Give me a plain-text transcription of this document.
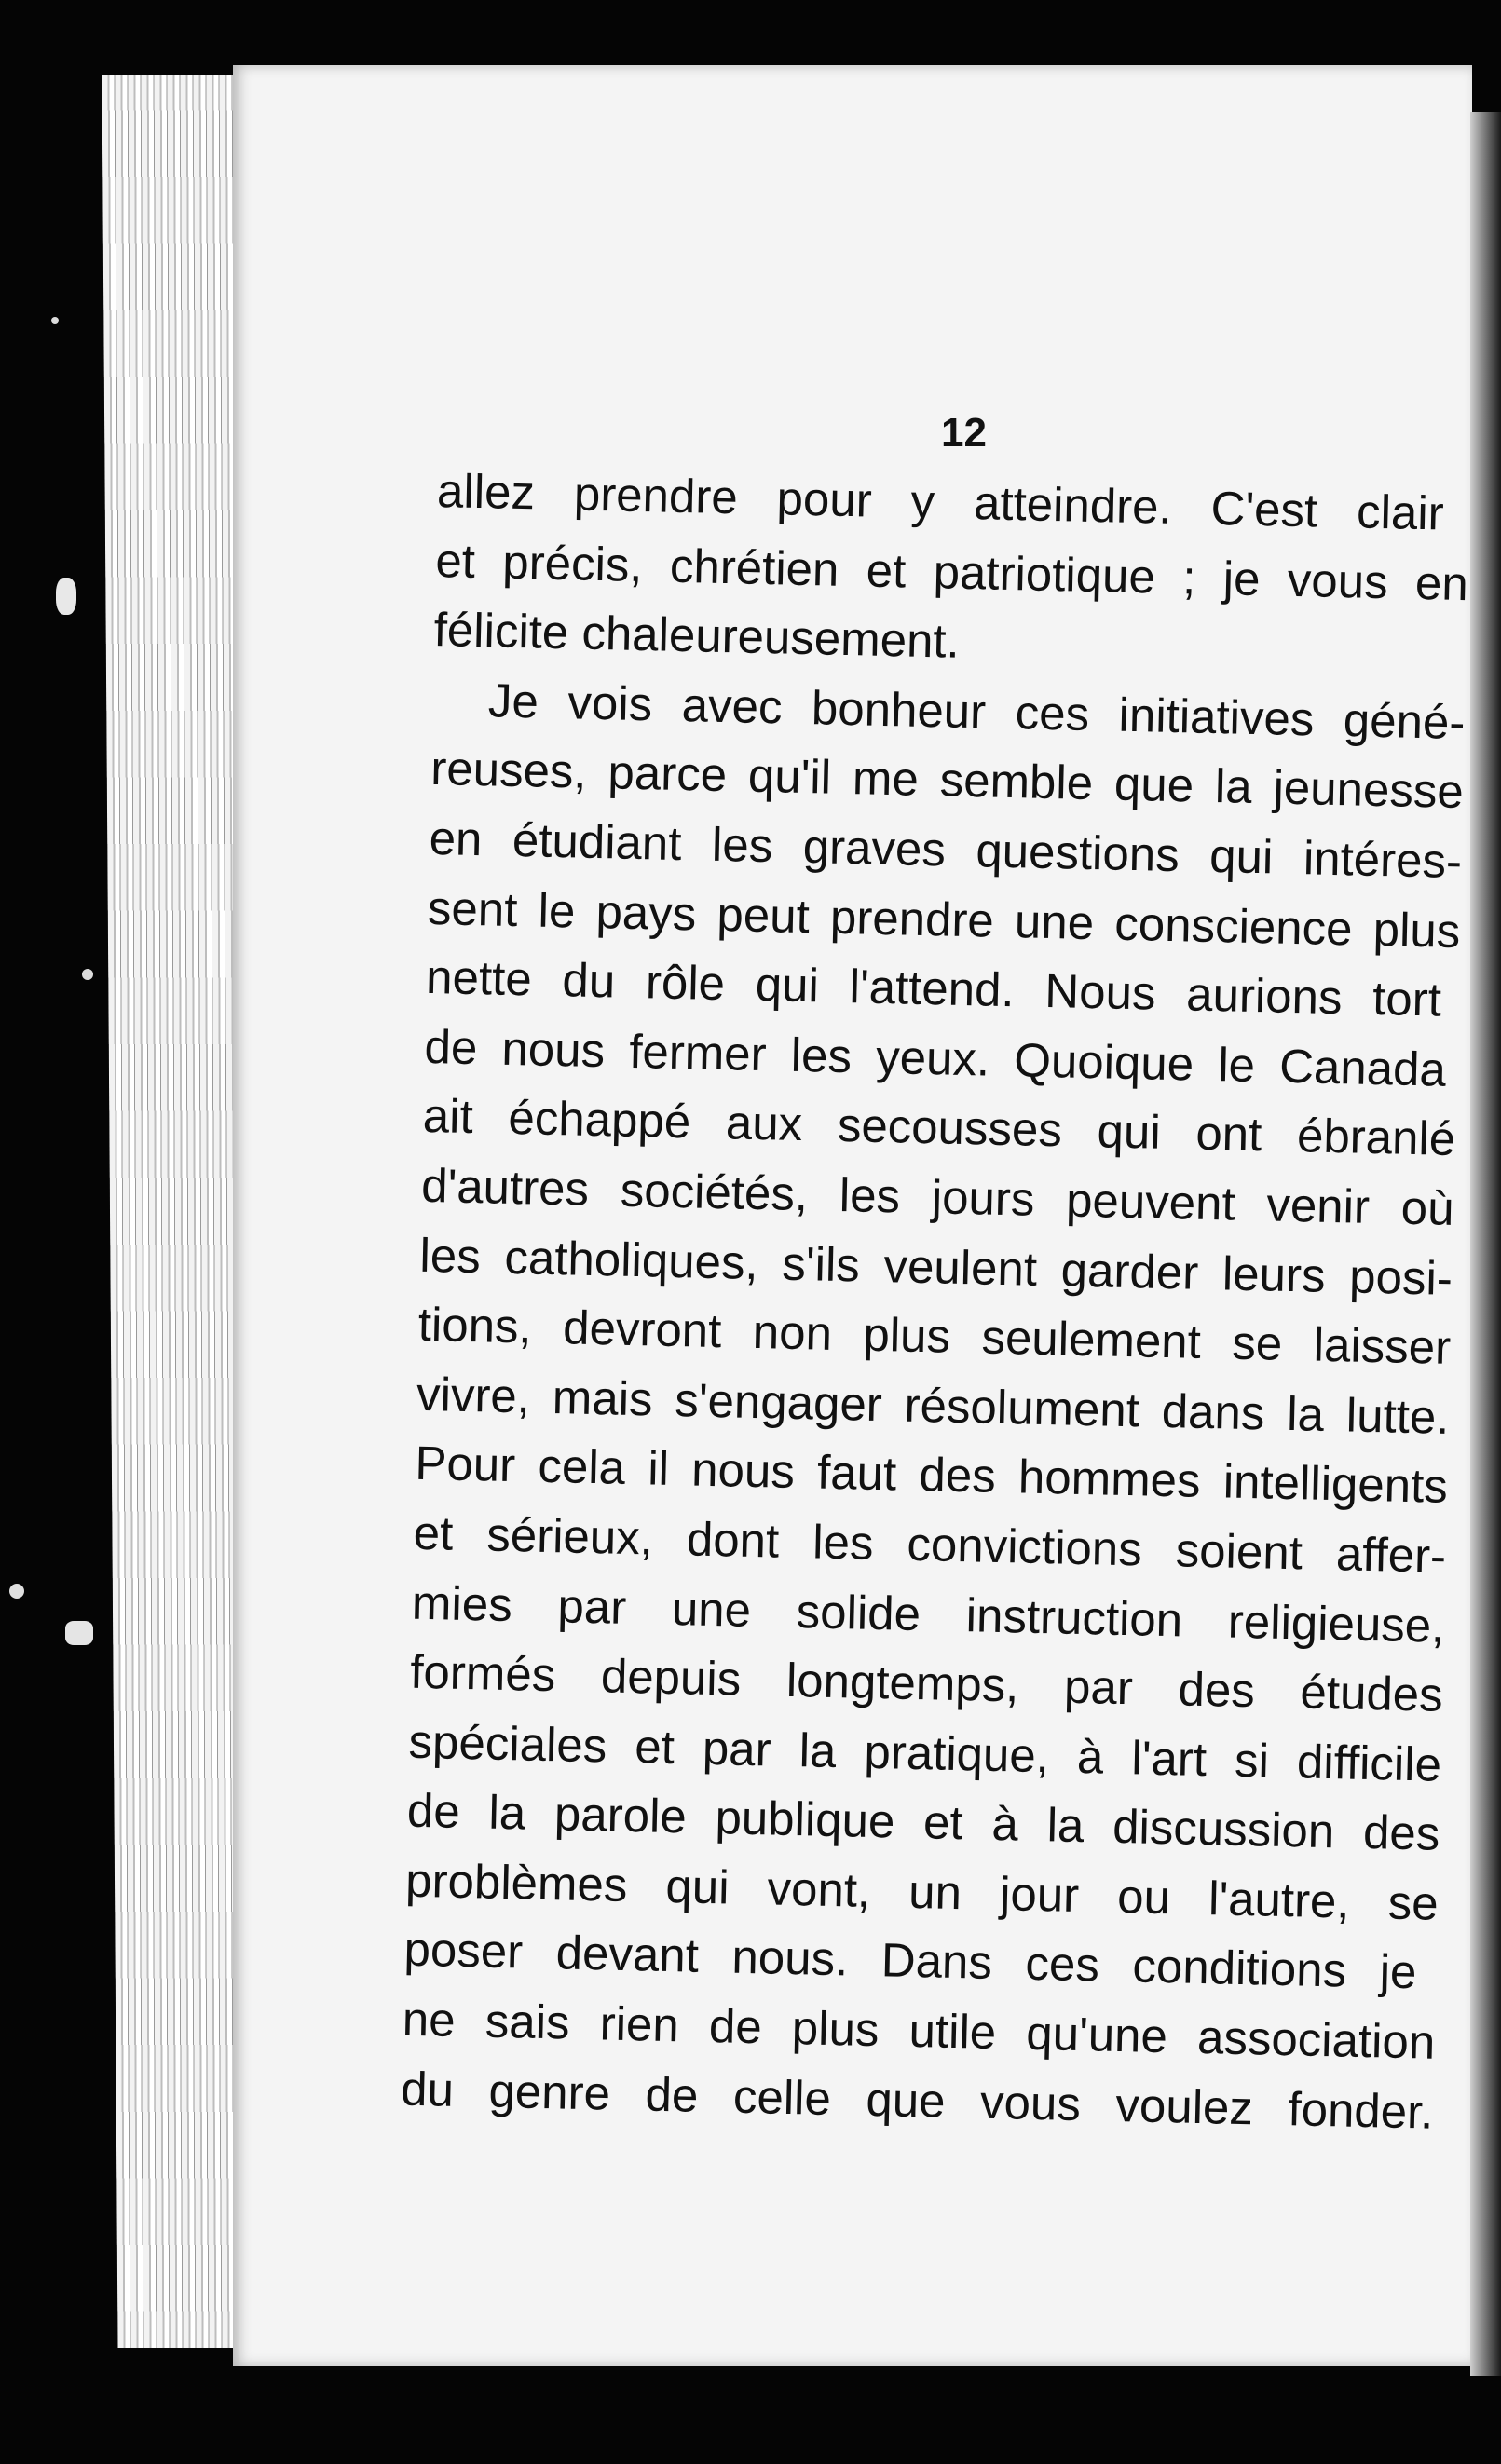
12
allez prendre pour y atteindre. C'est clair
et précis, chrétien et patriotique ; je vous en
félicite chaleureusement.
Je vois avec bonheur ces initiatives géné-
reuses, parce qu'il me semble que la jeunesse
en étudiant les graves questions qui intéres-
sent le pays peut prendre une conscience plus
nette du rôle qui l'attend. Nous aurions tort
de nous fermer les yeux. Quoique le Canada
ait échappé aux secousses qui ont ébranlé
d'autres sociétés, les jours peuvent venir où
les catholiques, s'ils veulent garder leurs posi-
tions, devront non plus seulement se laisser
vivre, mais s'engager résolument dans la lutte.
Pour cela il nous faut des hommes intelligents
et sérieux, dont les convictions soient affer-
mies par une solide instruction religieuse,
formés depuis longtemps, par des études
spéciales et par la pratique, à l'art si difficile
de la parole publique et à la discussion des
problèmes qui vont, un jour ou l'autre, se
poser devant nous. Dans ces conditions je
ne sais rien de plus utile qu'une association
du genre de celle que vous voulez fonder.
